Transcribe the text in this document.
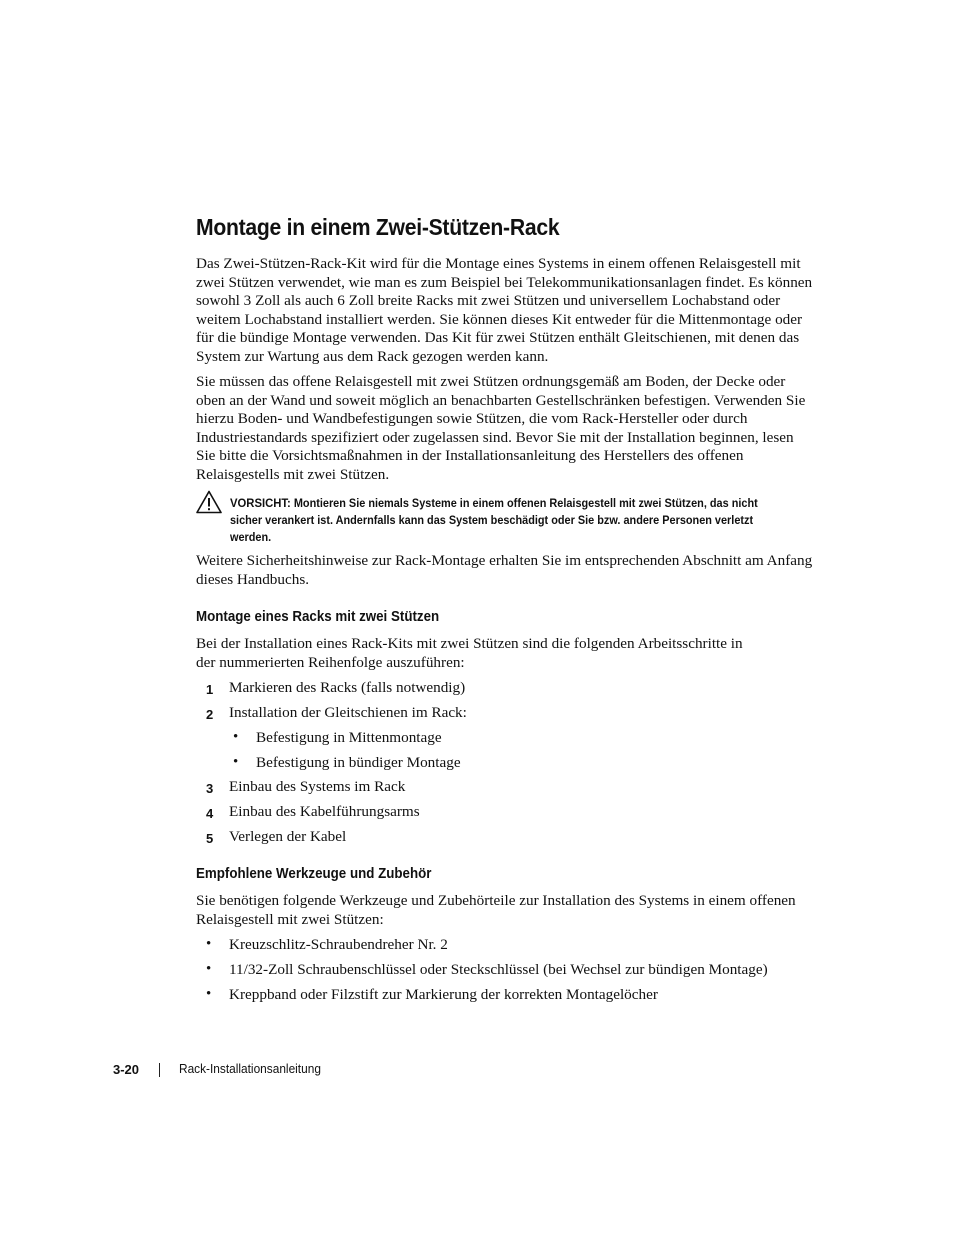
Montage in einem Zwei-Stützen-Rack

Das Zwei-Stützen-Rack-Kit wird für die Montage eines Systems in einem offenen Relaisgestell mit zwei Stützen verwendet, wie man es zum Beispiel bei Telekommunikationsanlagen findet. Es können sowohl 3 Zoll als auch 6 Zoll breite Racks mit zwei Stützen und universellem Lochabstand oder weitem Lochabstand installiert werden. Sie können dieses Kit entweder für die Mittenmontage oder für die bündige Montage verwenden. Das Kit für zwei Stützen enthält Gleitschienen, mit denen das System zur Wartung aus dem Rack gezogen werden kann.

Sie müssen das offene Relaisgestell mit zwei Stützen ordnungsgemäß am Boden, der Decke oder oben an der Wand und soweit möglich an benachbarten Gestellschränken befestigen. Verwenden Sie hierzu Boden- und Wandbefestigungen sowie Stützen, die vom Rack-Hersteller oder durch Industriestandards spezifiziert oder zugelassen sind. Bevor Sie mit der Installation beginnen, lesen Sie bitte die Vorsichtsmaßnahmen in der Installationsanleitung des Herstellers des offenen Relaisgestells mit zwei Stützen.

VORSICHT: Montieren Sie niemals Systeme in einem offenen Relaisgestell mit zwei Stützen, das nicht sicher verankert ist. Andernfalls kann das System beschädigt oder Sie bzw. andere Personen verletzt werden.

Weitere Sicherheitshinweise zur Rack-Montage erhalten Sie im entsprechenden Abschnitt am Anfang dieses Handbuchs.

Montage eines Racks mit zwei Stützen

Bei der Installation eines Rack-Kits mit zwei Stützen sind die folgenden Arbeitsschritte in der nummerierten Reihenfolge auszuführen:

1 Markieren des Racks (falls notwendig)
2 Installation der Gleitschienen im Rack:
• Befestigung in Mittenmontage
• Befestigung in bündiger Montage
3 Einbau des Systems im Rack
4 Einbau des Kabelführungsarms
5 Verlegen der Kabel
Empfohlene Werkzeuge und Zubehör

Sie benötigen folgende Werkzeuge und Zubehörteile zur Installation des Systems in einem offenen Relaisgestell mit zwei Stützen:

• Kreuzschlitz-Schraubendreher Nr. 2
• 11/32-Zoll Schraubenschlüssel oder Steckschlüssel (bei Wechsel zur bündigen Montage)
• Kreppband oder Filzstift zur Markierung der korrekten Montagelöcher
3-20	Rack-Installationsanleitung
